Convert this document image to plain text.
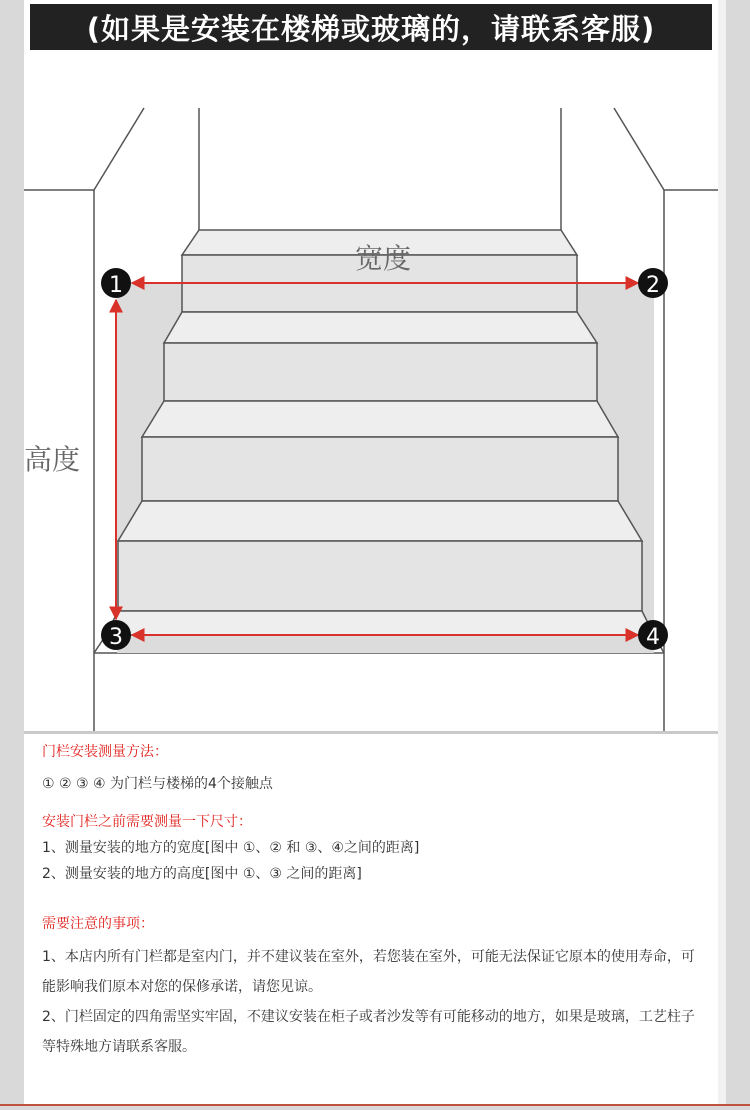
(如果是安装在楼梯或玻璃的，请联系客服)
宽度
高度
1	2
3	4
门栏安装测量方法：
① ② ③ ④ 为门栏与楼梯的4个接触点
安装门栏之前需要测量一下尺寸：
1、测量安装的地方的宽度[图中 ①、② 和 ③、④之间的距离]
2、测量安装的地方的高度[图中 ①、③ 之间的距离]
需要注意的事项：
1、本店内所有门栏都是室内门，并不建议装在室外，若您装在室外，可能无法保证它原本的使用寿命，可能影响我们原本对您的保修承诺，请您见谅。
2、门栏固定的四角需坚实牢固，不建议安装在柜子或者沙发等有可能移动的地方，如果是玻璃，工艺柱子等特殊地方请联系客服。
